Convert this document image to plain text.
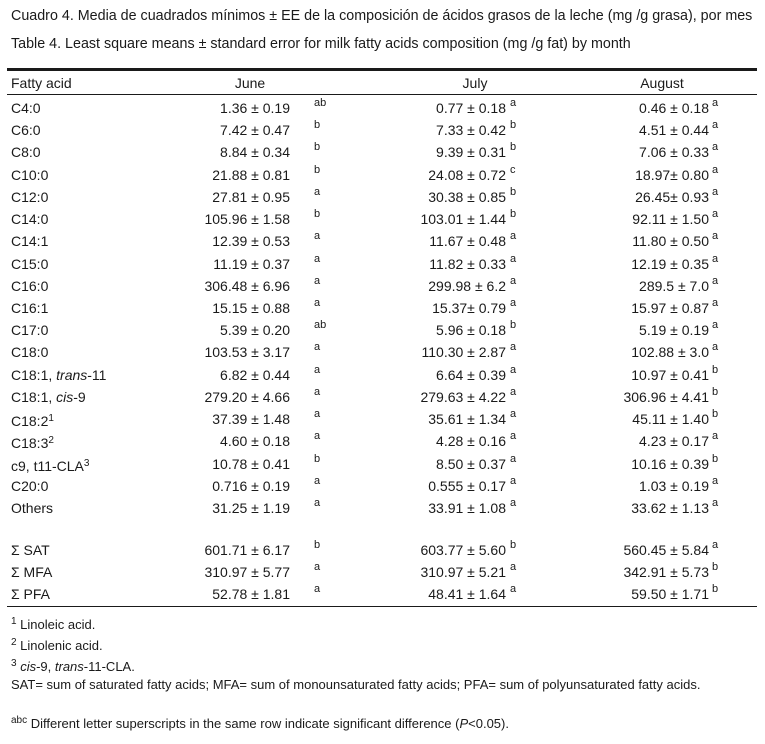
Cuadro 4. Media de cuadrados mínimos ± EE de la composición de ácidos grasos de la leche (mg /g grasa), por mes
Table 4. Least square means ± standard error for milk fatty acids composition (mg /g fat) by month
Fatty acid	June	July	August
C4:0	1.36 ± 0.19 ab	0.77 ± 0.18 a	0.46 ± 0.18 a
C6:0	7.42 ± 0.47 b	7.33 ± 0.42 b	4.51 ± 0.44 a
C8:0	8.84 ± 0.34 b	9.39 ± 0.31 b	7.06 ± 0.33 a
C10:0	21.88 ± 0.81 b	24.08 ± 0.72 c	18.97± 0.80 a
C12:0	27.81 ± 0.95 a	30.38 ± 0.85 b	26.45± 0.93 a
C14:0	105.96 ± 1.58 b	103.01 ± 1.44 b	92.11 ± 1.50 a
C14:1	12.39 ± 0.53 a	11.67 ± 0.48 a	11.80 ± 0.50 a
C15:0	11.19 ± 0.37 a	11.82 ± 0.33 a	12.19 ± 0.35 a
C16:0	306.48 ± 6.96 a	299.98 ± 6.2 a	289.5 ± 7.0 a
C16:1	15.15 ± 0.88 a	15.37± 0.79 a	15.97 ± 0.87 a
C17:0	5.39 ± 0.20 ab	5.96 ± 0.18 b	5.19 ± 0.19 a
C18:0	103.53 ± 3.17 a	110.30 ± 2.87 a	102.88 ± 3.0 a
C18:1, trans-11	6.82 ± 0.44 a	6.64 ± 0.39 a	10.97 ± 0.41 b
C18:1, cis-9	279.20 ± 4.66 a	279.63 ± 4.22 a	306.96 ± 4.41 b
$C18:2^1$	37.39 ± 1.48 a	35.61 ± 1.34 a	45.11 ± 1.40 b
$C18:3^2$	4.60 ± 0.18 a	4.28 ± 0.16 a	4.23 ± 0.17 a
c9, t11-CLA$^3$	10.78 ± 0.41 b	8.50 ± 0.37 a	10.16 ± 0.39 b
C20:0	0.716 ± 0.19 a	0.555 ± 0.17 a	1.03 ± 0.19 a
Others	31.25 ± 1.19 a	33.91 ± 1.08 a	33.62 ± 1.13 a
Σ SAT	601.71 ± 6.17 b	603.77 ± 5.60 b	560.45 ± 5.84 a
Σ MFA	310.97 ± 5.77 a	310.97 ± 5.21 a	342.91 ± 5.73 b
Σ PFA	52.78 ± 1.81 a	48.41 ± 1.64 a	59.50 ± 1.71 b
$^1$ Linoleic acid.
$^2$ Linolenic acid.
$^3$ cis-9, trans-11-CLA.
SAT= sum of saturated fatty acids; MFA= sum of monounsaturated fatty acids; PFA= sum of polyunsaturated fatty acids.
$^{abc}$ Different letter superscripts in the same row indicate significant difference (P<0.05).
